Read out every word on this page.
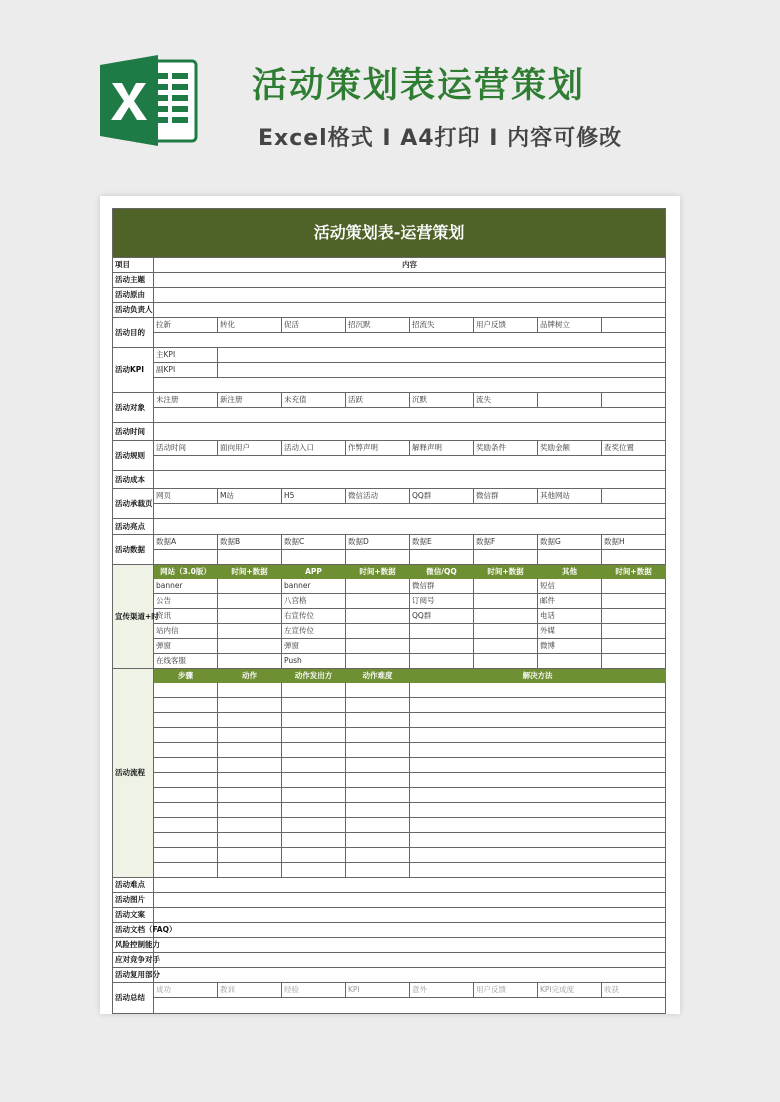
活动策划表运营策划
Excel格式 I A4打印 I 内容可修改
活动策划表-运营策划								
项目	内容							
活动主题								
活动原由								
活动负责人								
活动目的	拉新	转化	促活	招沉默	招流失	用户反馈	品牌树立	

活动KPI	主KPI							
	副KPI							

活动对象	未注册	新注册	未充值	活跃	沉默	流失		

活动时间								
活动规则	活动时间	面向用户	活动入口	作弊声明	解释声明	奖励条件	奖励金额	查奖位置

活动成本								
活动承载页	网页	M站	H5	微信活动	QQ群	微信群	其他网站	

活动亮点								
活动数据	数据A	数据B	数据C	数据D	数据E	数据F	数据G	数据H

宣传渠道+时	网站（3.0版）	时间+数据	APP	时间+数据	微信/QQ	时间+数据	其他	时间+数据
	banner		banner		微信群		短信	
	公告		八宫格		订阅号		邮件	
	资讯		右宣传位		QQ群		电话	
	站内信		左宣传位				外媒	
	弹窗		弹窗				微博	
	在线客服		Push					
活动流程	步骤	动作	动作发出方	动作难度	解决方法			

活动难点								
活动图片								
活动文案								
活动文档（FAQ）								
风险控制能力								
应对竞争对手								
活动复用部分								
活动总结	成功	教训	经验	KPI	意外	用户反馈	KPI完成度	收获
